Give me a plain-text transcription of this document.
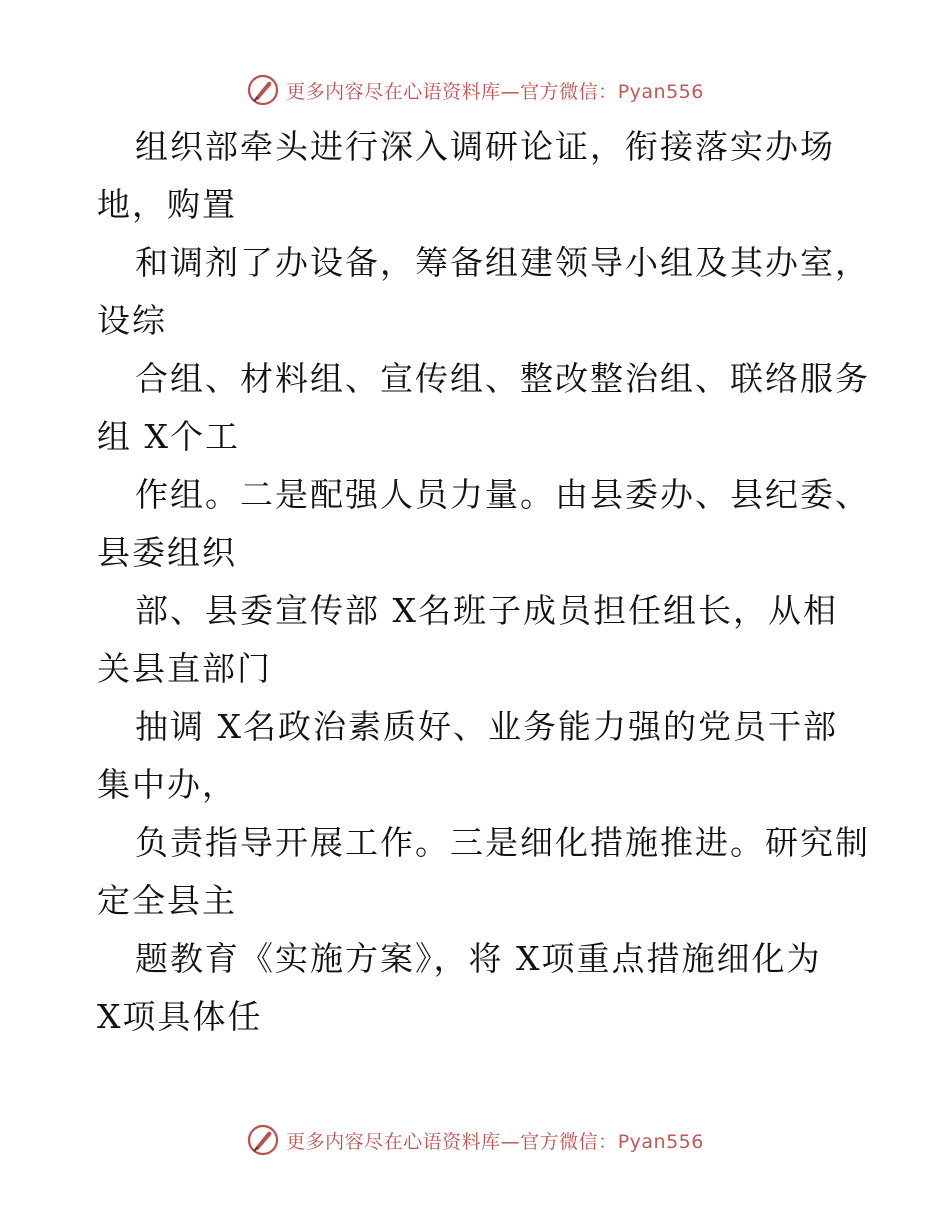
更多内容尽在心语资料库—官方微信：Pyan556
组织部牵头进行深入调研论证，衔接落实办场
地，购置
和调剂了办设备，筹备组建领导小组及其办室，
设综
合组、材料组、宣传组、整改整治组、联络服务
组 X个工
作组。二是配强人员力量。由县委办、县纪委、
县委组织
部、县委宣传部 X名班子成员担任组长，从相
关县直部门
抽调 X名政治素质好、业务能力强的党员干部
集中办，
负责指导开展工作。三是细化措施推进。研究制
定全县主
题教育《实施方案》，将 X项重点措施细化为
X项具体任
更多内容尽在心语资料库—官方微信：Pyan556
